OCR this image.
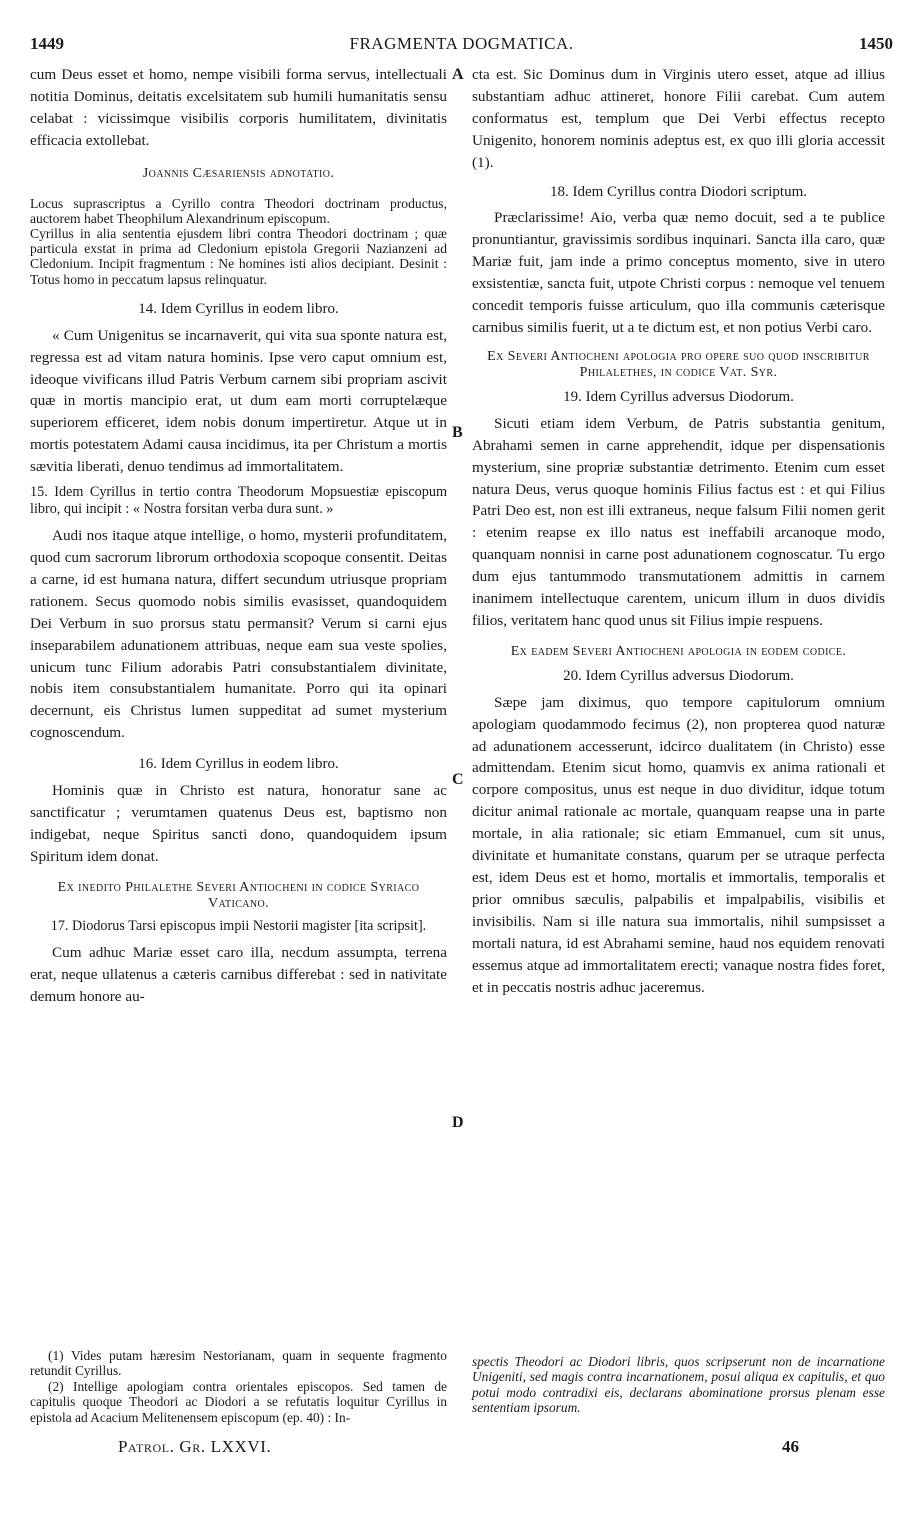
1449	FRAGMENTA DOGMATICA.	1450
A
B
C
D

cum Deus esset et homo, nempe visibili forma servus, intellectuali notitia Dominus, deitatis excelsitatem sub humili humanitatis sensu celabat : vicissimque visibilis corporis humilitatem, divinitatis efficacia extollebat.

Joannis Cæsariensis adnotatio.

Locus suprascriptus a Cyrillo contra Theodori doctrinam productus, auctorem habet Theophilum Alexandrinum episcopum.

Cyrillus in alia sententia ejusdem libri contra Theodori doctrinam ; quæ particula exstat in prima ad Cledonium epistola Gregorii Nazianzeni ad Cledonium. Incipit fragmentum : Ne homines isti alios decipiant. Desinit : Totus homo in peccatum lapsus relinquatur.

14. Idem Cyrillus in eodem libro.

« Cum Unigenitus se incarnaverit, qui vita sua sponte natura est, regressa est ad vitam natura hominis. Ipse vero caput omnium est, ideoque vivificans illud Patris Verbum carnem sibi propriam ascivit quæ in mortis mancipio erat, ut dum eam morti corruptelæque superiorem efficeret, idem nobis donum impertiretur. Atque ut in mortis potestatem Adami causa incidimus, ita per Christum a mortis sævitia liberati, denuo tendimus ad immortalitatem.

15. Idem Cyrillus in tertio contra Theodorum Mopsuestiæ episcopum libro, qui incipit : « Nostra forsitan verba dura sunt. »

Audi nos itaque atque intellige, o homo, mysterii profunditatem, quod cum sacrorum librorum orthodoxia scopoque consentit. Deitas a carne, id est humana natura, differt secundum utriusque propriam rationem. Secus quomodo nobis similis evasisset, quandoquidem Dei Verbum in suo prorsus statu permansit? Verum si carni ejus inseparabilem adunationem attribuas, neque eam sua veste spolies, unicum tunc Filium adorabis Patri consubstantialem divinitate, nobis item consubstantialem humanitate. Porro qui ita opinari decernunt, eis Christus lumen suppeditat ad sumet mysterium cognoscendum.

16. Idem Cyrillus in eodem libro.

Hominis quæ in Christo est natura, honoratur sane ac sanctificatur ; verumtamen quatenus Deus est, baptismo non indigebat, neque Spiritus sancti dono, quandoquidem ipsum Spiritum idem donat.

Ex inedito Philalethe Severi Antiocheni in codice Syriaco Vaticano.
17. Diodorus Tarsi episcopus impii Nestorii magister [ita scripsit].

Cum adhuc Mariæ esset caro illa, necdum assumpta, terrena erat, neque ullatenus a cæteris carnibus differebat : sed in nativitate demum honore au-

cta est. Sic Dominus dum in Virginis utero esset, atque ad illius substantiam adhuc attineret, honore Filii carebat. Cum autem conformatus est, templum que Dei Verbi effectus recepto Unigenito, honorem nominis adeptus est, ex quo illi gloria accessit (1).

18. Idem Cyrillus contra Diodori scriptum.

Præclarissime! Aio, verba quæ nemo docuit, sed a te publice pronuntiantur, gravissimis sordibus inquinari. Sancta illa caro, quæ Mariæ fuit, jam inde a primo conceptus momento, sive in utero exsistentiæ, sancta fuit, utpote Christi corpus : nemoque vel tenuem concedit temporis fuisse articulum, quo illa communis cæterisque carnibus similis fuerit, ut a te dictum est, et non potius Verbi caro.

Ex Severi Antiocheni apologia pro opere suo quod inscribitur Philalethes, in codice Vat. Syr.
19. Idem Cyrillus adversus Diodorum.

Sicuti etiam idem Verbum, de Patris substantia genitum, Abrahami semen in carne apprehendit, idque per dispensationis mysterium, sine propriæ substantiæ detrimento. Etenim cum esset natura Deus, verus quoque hominis Filius factus est : et qui Filius Patri Deo est, non est illi extraneus, neque falsum Filii nomen gerit : etenim reapse ex illo natus est ineffabili arcanoque modo, quanquam nonnisi in carne post adunationem cognoscatur. Tu ergo dum ejus tantummodo transmutationem admittis in carnem inanimem intellectuque carentem, unicum illum in duos dividis filios, veritatem hanc quod unus sit Filius impie respuens.

Ex eadem Severi Antiocheni apologia in eodem codice.
20. Idem Cyrillus adversus Diodorum.

Sæpe jam diximus, quo tempore capitulorum omnium apologiam quodammodo fecimus (2), non propterea quod naturæ ad adunationem accesserunt, idcirco dualitatem (in Christo) esse admittendam. Etenim sicut homo, quamvis ex anima rationali et corpore compositus, unus est neque in duo dividitur, idque totum dicitur animal rationale ac mortale, quanquam reapse una in parte mortale, in alia rationale; sic etiam Emmanuel, cum sit unus, divinitate et humanitate constans, quarum per se utraque perfecta est, idem Deus est et homo, mortalis et immortalis, temporalis et prior omnibus sæculis, palpabilis et impalpabilis, visibilis et invisibilis. Nam si ille natura sua immortalis, nihil sumpsisset a mortali natura, id est Abrahami semine, haud nos equidem renovati essemus atque ad immortalitatem erecti; vanaque nostra fides foret, et in peccatis nostris adhuc jaceremus.

(1) Vides putam hæresim Nestorianam, quam in sequente fragmento retundit Cyrillus.

(2) Intellige apologiam contra orientales episcopos. Sed tamen de capitulis quoque Theodori ac Diodori a se refutatis loquitur Cyrillus in epistola ad Acacium Melitenensem episcopum (ep. 40) : In-

spectis Theodori ac Diodori libris, quos scripserunt non de incarnatione Unigeniti, sed magis contra incarnationem, posui aliqua ex capitulis, et quo potui modo contradixi eis, declarans abominatione prorsus plenam esse sententiam ipsorum.

Patrol. Gr. LXXVI.	46
